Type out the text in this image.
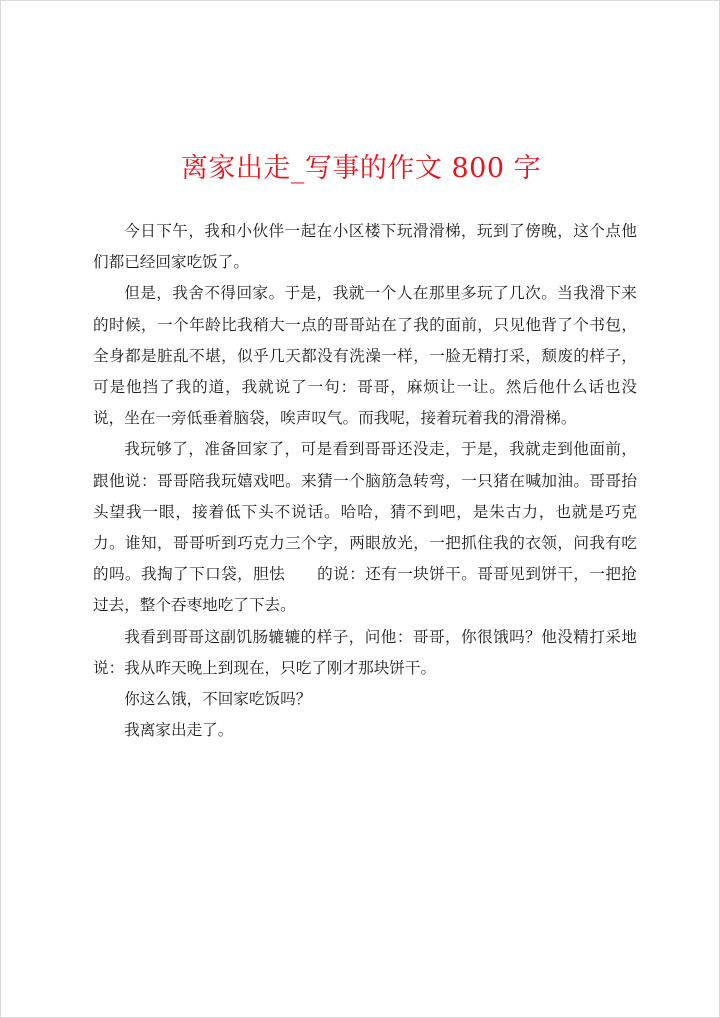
离家出走_写事的作文 800 字

今日下午，我和小伙伴一起在小区楼下玩滑滑梯，玩到了傍晚，这个点他们都已经回家吃饭了。

但是，我舍不得回家。于是，我就一个人在那里多玩了几次。当我滑下来的时候，一个年龄比我稍大一点的哥哥站在了我的面前，只见他背了个书包，全身都是脏乱不堪，似乎几天都没有洗澡一样，一脸无精打采，颓废的样子，可是他挡了我的道，我就说了一句：哥哥，麻烦让一让。然后他什么话也没说，坐在一旁低垂着脑袋，唉声叹气。而我呢，接着玩着我的滑滑梯。

我玩够了，准备回家了，可是看到哥哥还没走，于是，我就走到他面前，跟他说：哥哥陪我玩嬉戏吧。来猜一个脑筋急转弯，一只猪在喊加油。哥哥抬头望我一眼，接着低下头不说话。哈哈，猜不到吧，是朱古力，也就是巧克力。谁知，哥哥听到巧克力三个字，两眼放光，一把抓住我的衣领，问我有吃的吗。我掏了下口袋，胆怯　　的说：还有一块饼干。哥哥见到饼干，一把抢过去，整个吞枣地吃了下去。

我看到哥哥这副饥肠辘辘的样子，问他：哥哥，你很饿吗？他没精打采地说：我从昨天晚上到现在，只吃了刚才那块饼干。

你这么饿，不回家吃饭吗？

我离家出走了。
